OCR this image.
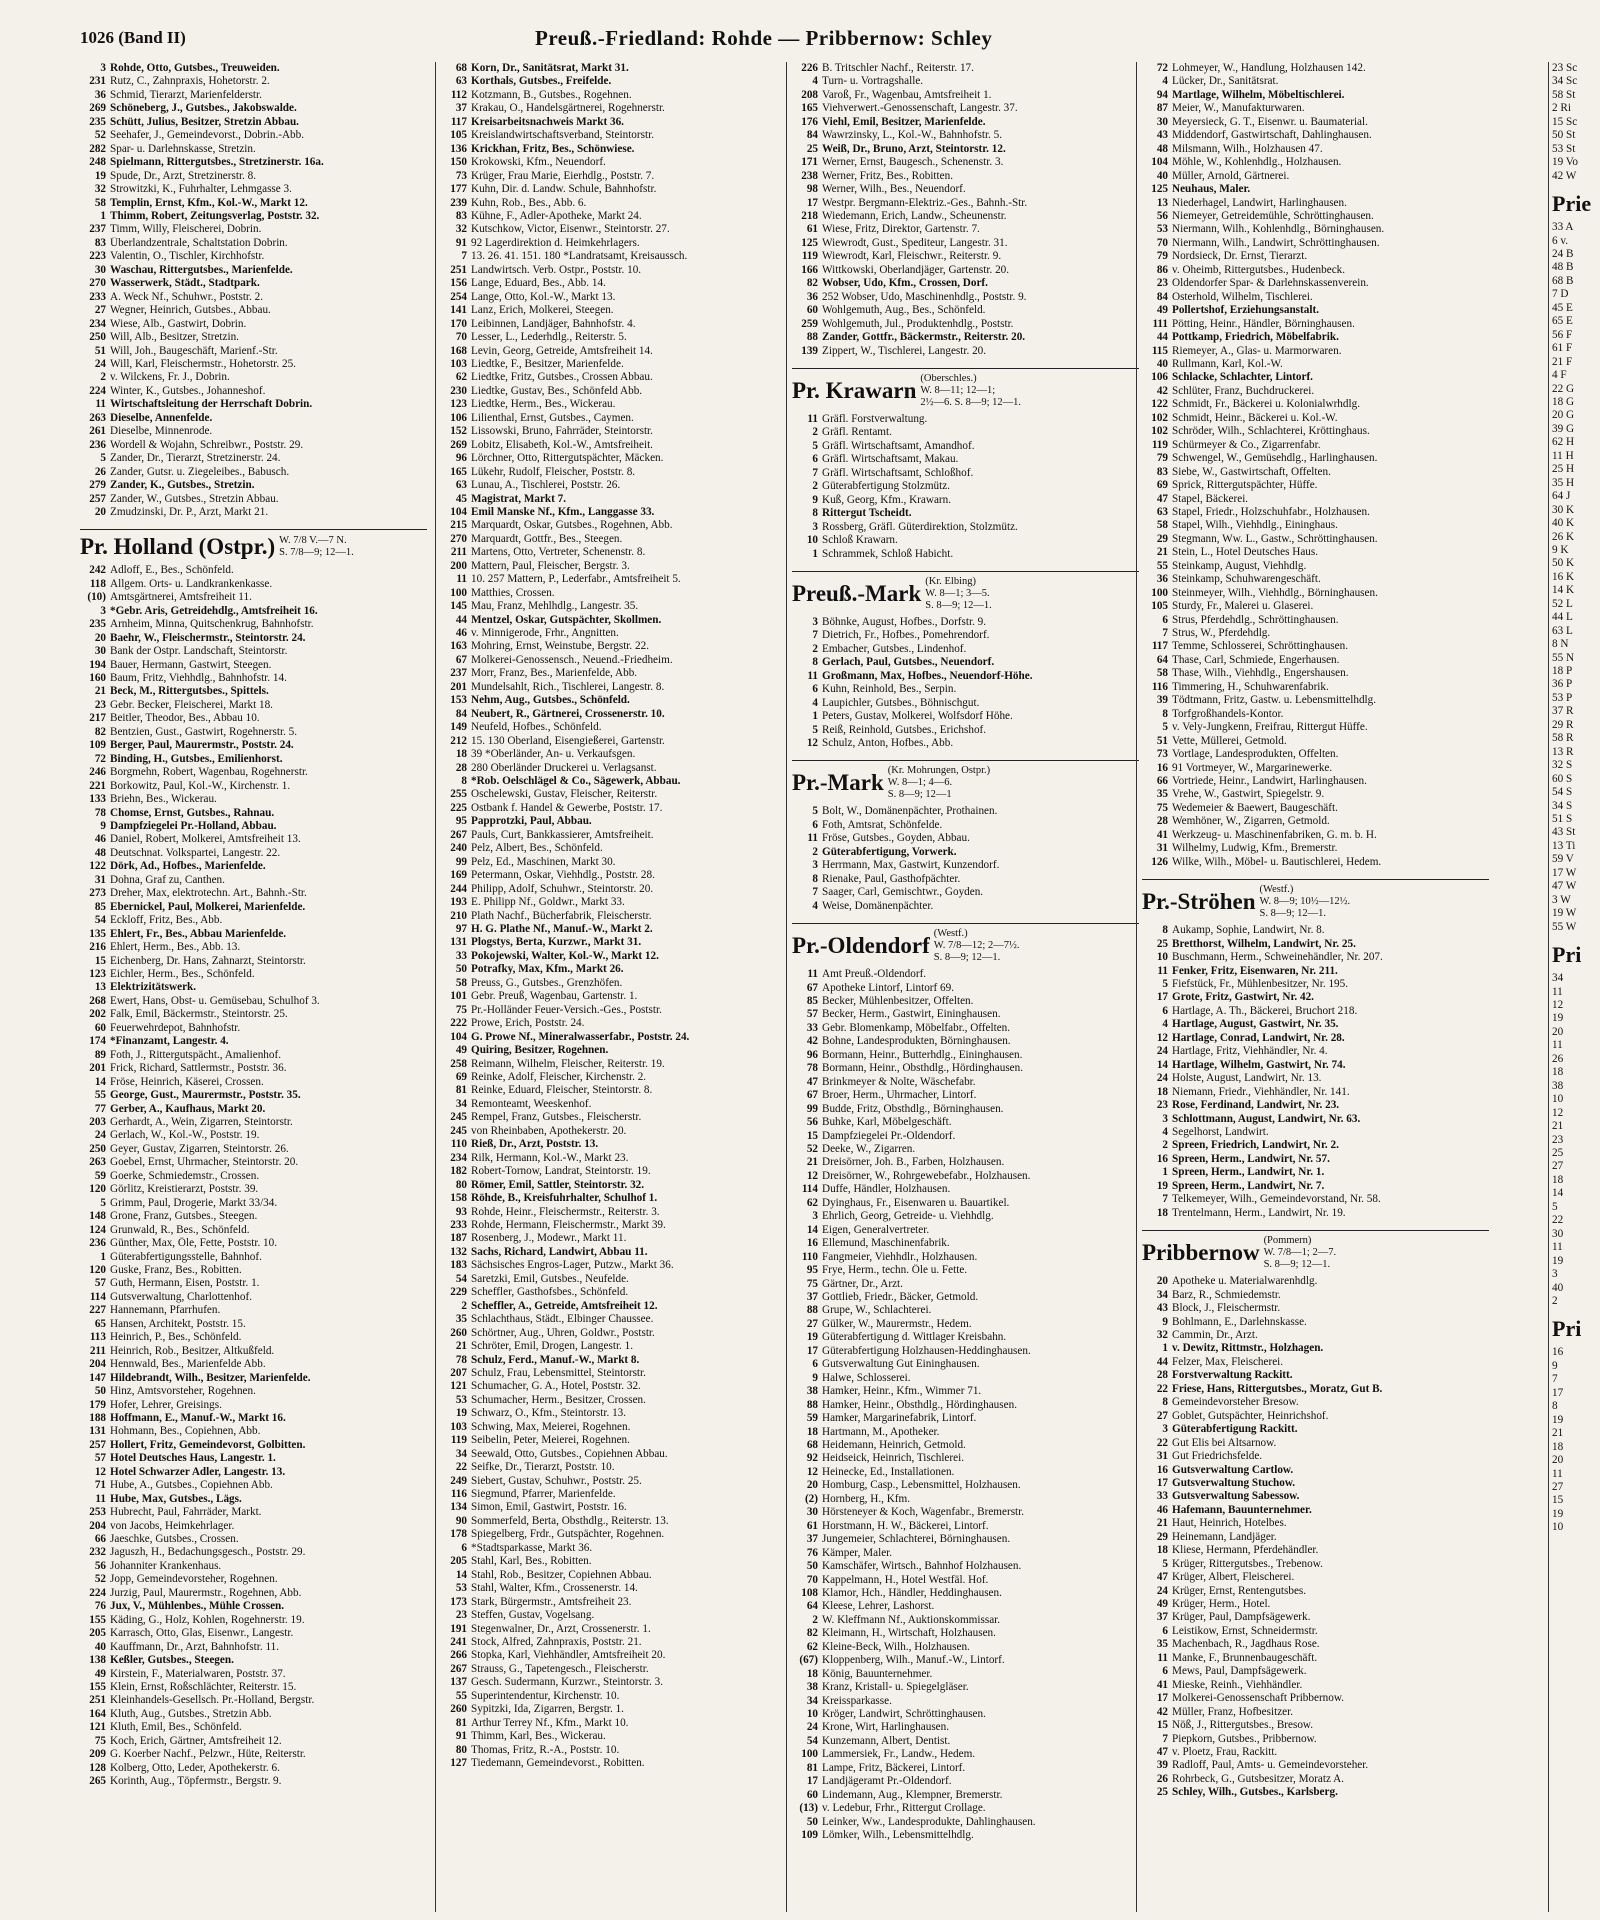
1026 (Band II)	Preuß.-Friedland: Rohde — Pribbernow: Schley
3 Rohde, Otto, Gutsbes., Treuweiden.
231 Rutz, C., Zahnpraxis, Hohetorstr. 2.
36 Schmid, Tierarzt, Marienfelderstr.
269 Schöneberg, J., Gutsbes., Jakobswalde.
235 Schütt, Julius, Besitzer, Stretzin Abbau.
52 Seehafer, J., Gemeindevorst., Dobrin.-Abb.
282 Spar- u. Darlehnskasse, Stretzin.
248 Spielmann, Rittergutsbes., Stretzinerstr. 16a.
19 Spude, Dr., Arzt, Stretzinerstr. 8.
32 Strowitzki, K., Fuhrhalter, Lehmgasse 3.
58 Templin, Ernst, Kfm., Kol.-W., Markt 12.
1 Thimm, Robert, Zeitungsverlag, Poststr. 32.
237 Timm, Willy, Fleischerei, Dobrin.
83 Überlandzentrale, Schaltstation Dobrin.
223 Valentin, O., Tischler, Kirchhofstr.
30 Waschau, Rittergutsbes., Marienfelde.
270 Wasserwerk, Städt., Stadtpark.
233 A. Weck Nf., Schuhwr., Poststr. 2.
27 Wegner, Heinrich, Gutsbes., Abbau.
234 Wiese, Alb., Gastwirt, Dobrin.
250 Will, Alb., Besitzer, Stretzin.
51 Will, Joh., Baugeschäft, Marienf.-Str.
24 Will, Karl, Fleischermstr., Hohetorstr. 25.
2 v. Wilckens, Fr. J., Dobrin.
224 Winter, K., Gutsbes., Johanneshof.
11 Wirtschaftsleitung der Herrschaft Dobrin.
263 Dieselbe, Annenfelde.
261 Dieselbe, Minnenrode.
236 Wordell & Wojahn, Schreibwr., Poststr. 29.
5 Zander, Dr., Tierarzt, Stretzinerstr. 24.
26 Zander, Gutsr. u. Ziegeleibes., Babusch.
279 Zander, K., Gutsbes., Stretzin.
257 Zander, W., Gutsbes., Stretzin Abbau.
20 Zmudzinski, Dr. P., Arzt, Markt 21.
Pr. Holland (Ostpr.) W. 7/8 V.—7 N.
S. 7/8—9; 12—1.
242 Adloff, E., Bes., Schönfeld.
118 Allgem. Orts- u. Landkrankenkasse.
(10) Amtsgärtnerei, Amtsfreiheit 11.
3 *Gebr. Aris, Getreidehdlg., Amtsfreiheit 16.
235 Arnheim, Minna, Quitschenkrug, Bahnhofstr.
20 Baehr, W., Fleischermstr., Steintorstr. 24.
30 Bank der Ostpr. Landschaft, Steintorstr.
194 Bauer, Hermann, Gastwirt, Steegen.
160 Baum, Fritz, Viehhdlg., Bahnhofstr. 14.
21 Beck, M., Rittergutsbes., Spittels.
23 Gebr. Becker, Fleischerei, Markt 18.
217 Beitler, Theodor, Bes., Abbau 10.
82 Bentzien, Gust., Gastwirt, Rogehnerstr. 5.
109 Berger, Paul, Maurermstr., Poststr. 24.
72 Binding, H., Gutsbes., Emilienhorst.
246 Borgmehn, Robert, Wagenbau, Rogehnerstr.
221 Borkowitz, Paul, Kol.-W., Kirchenstr. 1.
133 Briehn, Bes., Wickerau.
78 Chomse, Ernst, Gutsbes., Rahnau.
9 Dampfziegelei Pr.-Holland, Abbau.
46 Daniel, Robert, Molkerei, Amtsfreiheit 13.
48 Deutschnat. Volkspartei, Langestr. 22.
122 Dörk, Ad., Hofbes., Marienfelde.
31 Dohna, Graf zu, Canthen.
273 Dreher, Max, elektrotechn. Art., Bahnh.-Str.
85 Ebernickel, Paul, Molkerei, Marienfelde.
54 Eckloff, Fritz, Bes., Abb.
135 Ehlert, Fr., Bes., Abbau Marienfelde.
216 Ehlert, Herm., Bes., Abb. 13.
15 Eichenberg, Dr. Hans, Zahnarzt, Steintorstr.
123 Eichler, Herm., Bes., Schönfeld.
13 Elektrizitätswerk.
268 Ewert, Hans, Obst- u. Gemüsebau, Schulhof 3.
202 Falk, Emil, Bäckermstr., Steintorstr. 25.
60 Feuerwehrdepot, Bahnhofstr.
174 *Finanzamt, Langestr. 4.
89 Foth, J., Rittergutspächt., Amalienhof.
201 Frick, Richard, Sattlermstr., Poststr. 36.
14 Fröse, Heinrich, Käserei, Crossen.
55 George, Gust., Maurermstr., Poststr. 35.
77 Gerber, A., Kaufhaus, Markt 20.
203 Gerhardt, A., Wein, Zigarren, Steintorstr.
24 Gerlach, W., Kol.-W., Poststr. 19.
250 Geyer, Gustav, Zigarren, Steintorstr. 26.
263 Goebel, Ernst, Uhrmacher, Steintorstr. 20.
59 Goerke, Schmiedemstr., Crossen.
120 Görlitz, Kreistierarzt, Poststr. 39.
5 Grimm, Paul, Drogerie, Markt 33/34.
148 Grone, Franz, Gutsbes., Steegen.
124 Grunwald, R., Bes., Schönfeld.
236 Günther, Max, Öle, Fette, Poststr. 10.
1 Güterabfertigungsstelle, Bahnhof.
120 Guske, Franz, Bes., Robitten.
57 Guth, Hermann, Eisen, Poststr. 1.
114 Gutsverwaltung, Charlottenhof.
227 Hannemann, Pfarrhufen.
65 Hansen, Architekt, Poststr. 15.
113 Heinrich, P., Bes., Schönfeld.
211 Heinrich, Rob., Besitzer, Altkußfeld.
204 Hennwald, Bes., Marienfelde Abb.
147 Hildebrandt, Wilh., Besitzer, Marienfelde.
50 Hinz, Amtsvorsteher, Rogehnen.
179 Hofer, Lehrer, Greisings.
188 Hoffmann, E., Manuf.-W., Markt 16.
131 Hohmann, Bes., Copiehnen, Abb.
257 Hollert, Fritz, Gemeindevorst, Golbitten.
57 Hotel Deutsches Haus, Langestr. 1.
12 Hotel Schwarzer Adler, Langestr. 13.
71 Hube, A., Gutsbes., Copiehnen Abb.
11 Hube, Max, Gutsbes., Lägs.
253 Hubrecht, Paul, Fahrräder, Markt.
204 von Jacobs, Heimkehrlager.
66 Jaeschke, Gutsbes., Crossen.
232 Jaguszh, H., Bedachungsgesch., Poststr. 29.
56 Johanniter Krankenhaus.
52 Jopp, Gemeindevorsteher, Rogehnen.
224 Jurzig, Paul, Maurermstr., Rogehnen, Abb.
76 Jux, V., Mühlenbes., Mühle Crossen.
155 Käding, G., Holz, Kohlen, Rogehnerstr. 19.
205 Karrasch, Otto, Glas, Eisenwr., Langestr.
40 Kauffmann, Dr., Arzt, Bahnhofstr. 11.
138 Keßler, Gutsbes., Steegen.
49 Kirstein, F., Materialwaren, Poststr. 37.
155 Klein, Ernst, Roßschlächter, Reiterstr. 15.
251 Kleinhandels-Gesellsch. Pr.-Holland, Bergstr.
164 Kluth, Aug., Gutsbes., Stretzin Abb.
121 Kluth, Emil, Bes., Schönfeld.
75 Koch, Erich, Gärtner, Amtsfreiheit 12.
209 G. Koerber Nachf., Pelzwr., Hüte, Reiterstr.
128 Kolberg, Otto, Leder, Apothekerstr. 6.
265 Korinth, Aug., Töpfermstr., Bergstr. 9.
68 Korn, Dr., Sanitätsrat, Markt 31.
63 Korthals, Gutsbes., Freifelde.
112 Kotzmann, B., Gutsbes., Rogehnen.
37 Krakau, O., Handelsgärtnerei, Rogehnerstr.
117 Kreisarbeitsnachweis Markt 36.
105 Kreislandwirtschaftsverband, Steintorstr.
136 Krickhan, Fritz, Bes., Schönwiese.
150 Krokowski, Kfm., Neuendorf.
73 Krüger, Frau Marie, Eierhdlg., Poststr. 7.
177 Kuhn, Dir. d. Landw. Schule, Bahnhofstr.
239 Kuhn, Rob., Bes., Abb. 6.
83 Kühne, F., Adler-Apotheke, Markt 24.
32 Kutschkow, Victor, Eisenwr., Steintorstr. 27.
91 92 Lagerdirektion d. Heimkehrlagers.
7 13. 26. 41. 151. 180 *Landratsamt, Kreisaussch.
251 Landwirtsch. Verb. Ostpr., Poststr. 10.
156 Lange, Eduard, Bes., Abb. 14.
254 Lange, Otto, Kol.-W., Markt 13.
141 Lanz, Erich, Molkerei, Steegen.
170 Leibinnen, Landjäger, Bahnhofstr. 4.
70 Lesser, L., Lederhdlg., Reiterstr. 5.
168 Levin, Georg, Getreide, Amtsfreiheit 14.
103 Liedtke, F., Besitzer, Marienfelde.
62 Liedtke, Fritz, Gutsbes., Crossen Abbau.
230 Liedtke, Gustav, Bes., Schönfeld Abb.
123 Liedtke, Herm., Bes., Wickerau.
106 Lilienthal, Ernst, Gutsbes., Caymen.
152 Lissowski, Bruno, Fahrräder, Steintorstr.
269 Lobitz, Elisabeth, Kol.-W., Amtsfreiheit.
96 Lörchner, Otto, Rittergutspächter, Mäcken.
165 Lükehr, Rudolf, Fleischer, Poststr. 8.
63 Lunau, A., Tischlerei, Poststr. 26.
45 Magistrat, Markt 7.
104 Emil Manske Nf., Kfm., Langgasse 33.
215 Marquardt, Oskar, Gutsbes., Rogehnen, Abb.
270 Marquardt, Gottfr., Bes., Steegen.
211 Martens, Otto, Vertreter, Schenenstr. 8.
200 Mattern, Paul, Fleischer, Bergstr. 3.
11 10. 257 Mattern, P., Lederfabr., Amtsfreiheit 5.
100 Matthies, Crossen.
145 Mau, Franz, Mehlhdlg., Langestr. 35.
44 Mentzel, Oskar, Gutspächter, Skollmen.
46 v. Minnigerode, Frhr., Angnitten.
163 Mohring, Ernst, Weinstube, Bergstr. 22.
67 Molkerei-Genossensch., Neuend.-Friedheim.
237 Morr, Franz, Bes., Marienfelde, Abb.
201 Mundelsahlt, Rich., Tischlerei, Langestr. 8.
153 Nehm, Aug., Gutsbes., Schönfeld.
84 Neubert, R., Gärtnerei, Crossenerstr. 10.
149 Neufeld, Hofbes., Schönfeld.
212 15. 130 Oberland, Eisengießerei, Gartenstr.
18 39 *Oberländer, An- u. Verkaufsgen.
28 280 Oberländer Druckerei u. Verlagsanst.
8 *Rob. Oelschlägel & Co., Sägewerk, Abbau.
255 Oschelewski, Gustav, Fleischer, Reiterstr.
225 Ostbank f. Handel & Gewerbe, Poststr. 17.
95 Papprotzki, Paul, Abbau.
267 Pauls, Curt, Bankkassierer, Amtsfreiheit.
240 Pelz, Albert, Bes., Schönfeld.
99 Pelz, Ed., Maschinen, Markt 30.
169 Petermann, Oskar, Viehhdlg., Poststr. 28.
244 Philipp, Adolf, Schuhwr., Steintorstr. 20.
193 E. Philipp Nf., Goldwr., Markt 33.
210 Plath Nachf., Bücherfabrik, Fleischerstr.
97 H. G. Plathe Nf., Manuf.-W., Markt 2.
131 Plogstys, Berta, Kurzwr., Markt 31.
33 Pokojewski, Walter, Kol.-W., Markt 12.
50 Potrafky, Max, Kfm., Markt 26.
58 Preuss, G., Gutsbes., Grenzhöfen.
101 Gebr. Preuß, Wagenbau, Gartenstr. 1.
75 Pr.-Holländer Feuer-Versich.-Ges., Poststr.
222 Prowe, Erich, Poststr. 24.
104 G. Prowe Nf., Mineralwasserfabr., Poststr. 24.
49 Quiring, Besitzer, Rogehnen.
258 Reimann, Wilhelm, Fleischer, Reiterstr. 19.
69 Reinke, Adolf, Fleischer, Kirchenstr. 2.
81 Reinke, Eduard, Fleischer, Steintorstr. 8.
34 Remonteamt, Weeskenhof.
245 Rempel, Franz, Gutsbes., Fleischerstr.
245 von Rheinbaben, Apothekerstr. 20.
110 Rieß, Dr., Arzt, Poststr. 13.
234 Rilk, Hermann, Kol.-W., Markt 23.
182 Robert-Tornow, Landrat, Steintorstr. 19.
80 Römer, Emil, Sattler, Steintorstr. 32.
158 Röhde, B., Kreisfuhrhalter, Schulhof 1.
93 Rohde, Heinr., Fleischermstr., Reiterstr. 3.
233 Rohde, Hermann, Fleischermstr., Markt 39.
187 Rosenberg, J., Modewr., Markt 11.
132 Sachs, Richard, Landwirt, Abbau 11.
183 Sächsisches Engros-Lager, Putzw., Markt 36.
54 Saretzki, Emil, Gutsbes., Neufelde.
229 Scheffler, Gasthofsbes., Schönfeld.
2 Scheffler, A., Getreide, Amtsfreiheit 12.
35 Schlachthaus, Städt., Elbinger Chaussee.
260 Schörtner, Aug., Uhren, Goldwr., Poststr.
21 Schröter, Emil, Drogen, Langestr. 1.
78 Schulz, Ferd., Manuf.-W., Markt 8.
207 Schulz, Frau, Lebensmittel, Steintorstr.
121 Schumacher, G. A., Hotel, Poststr. 32.
53 Schumacher, Herm., Besitzer, Crossen.
19 Schwarz, O., Kfm., Steintorstr. 13.
103 Schwing, Max, Meierei, Rogehnen.
119 Seibelin, Peter, Meierei, Rogehnen.
34 Seewald, Otto, Gutsbes., Copiehnen Abbau.
22 Seifke, Dr., Tierarzt, Poststr. 10.
249 Siebert, Gustav, Schuhwr., Poststr. 25.
116 Siegmund, Pfarrer, Marienfelde.
134 Simon, Emil, Gastwirt, Poststr. 16.
90 Sommerfeld, Berta, Obsthdlg., Reiterstr. 13.
178 Spiegelberg, Frdr., Gutspächter, Rogehnen.
6 *Stadtsparkasse, Markt 36.
205 Stahl, Karl, Bes., Robitten.
14 Stahl, Rob., Besitzer, Copiehnen Abbau.
53 Stahl, Walter, Kfm., Crossenerstr. 14.
173 Stark, Bürgermstr., Amtsfreiheit 23.
23 Steffen, Gustav, Vogelsang.
191 Stegenwalner, Dr., Arzt, Crossenerstr. 1.
241 Stock, Alfred, Zahnpraxis, Poststr. 21.
266 Stopka, Karl, Viehhändler, Amtsfreiheit 20.
267 Strauss, G., Tapetengesch., Fleischerstr.
137 Gesch. Sudermann, Kurzwr., Steintorstr. 3.
55 Superintendentur, Kirchenstr. 10.
260 Sypitzki, Ida, Zigarren, Bergstr. 1.
81 Arthur Terrey Nf., Kfm., Markt 10.
91 Thimm, Karl, Bes., Wickerau.
80 Thomas, Fritz, R.-A., Poststr. 10.
127 Tiedemann, Gemeindevorst., Robitten.
226 B. Tritschler Nachf., Reiterstr. 17.
4 Turn- u. Vortragshalle.
208 Varoß, Fr., Wagenbau, Amtsfreiheit 1.
165 Viehverwert.-Genossenschaft, Langestr. 37.
176 Viehl, Emil, Besitzer, Marienfelde.
84 Wawrzinsky, L., Kol.-W., Bahnhofstr. 5.
25 Weiß, Dr., Bruno, Arzt, Steintorstr. 12.
171 Werner, Ernst, Baugesch., Schenenstr. 3.
238 Werner, Fritz, Bes., Robitten.
98 Werner, Wilh., Bes., Neuendorf.
17 Westpr. Bergmann-Elektriz.-Ges., Bahnh.-Str.
218 Wiedemann, Erich, Landw., Scheunenstr.
61 Wiese, Fritz, Direktor, Gartenstr. 7.
125 Wiewrodt, Gust., Spediteur, Langestr. 31.
119 Wiewrodt, Karl, Fleischwr., Reiterstr. 9.
166 Wittkowski, Oberlandjäger, Gartenstr. 20.
82 Wobser, Udo, Kfm., Crossen, Dorf.
36 252 Wobser, Udo, Maschinenhdlg., Poststr. 9.
60 Wohlgemuth, Aug., Bes., Schönfeld.
259 Wohlgemuth, Jul., Produktenhdlg., Poststr.
88 Zander, Gottfr., Bäckermstr., Reiterstr. 20.
139 Zippert, W., Tischlerei, Langestr. 20.
Pr. Krawarn (Oberschles.)
W. 8—11; 12—1;
2½—6. S. 8—9; 12—1.
11 Gräfl. Forstverwaltung.
2 Gräfl. Rentamt.
5 Gräfl. Wirtschaftsamt, Amandhof.
6 Gräfl. Wirtschaftsamt, Makau.
7 Gräfl. Wirtschaftsamt, Schloßhof.
2 Güterabfertigung Stolzmütz.
9 Kuß, Georg, Kfm., Krawarn.
8 Rittergut Tscheidt.
3 Rossberg, Gräfl. Güterdirektion, Stolzmütz.
10 Schloß Krawarn.
1 Schrammek, Schloß Habicht.
Preuß.-Mark (Kr. Elbing)
W. 8—1; 3—5.
S. 8—9; 12—1.
3 Böhnke, August, Hofbes., Dorfstr. 9.
7 Dietrich, Fr., Hofbes., Pomehrendorf.
2 Embacher, Gutsbes., Lindenhof.
8 Gerlach, Paul, Gutsbes., Neuendorf.
11 Großmann, Max, Hofbes., Neuendorf-Höhe.
6 Kuhn, Reinhold, Bes., Serpin.
4 Laupichler, Gutsbes., Böhnischgut.
1 Peters, Gustav, Molkerei, Wolfsdorf Höhe.
5 Reiß, Reinhold, Gutsbes., Erichshof.
12 Schulz, Anton, Hofbes., Abb.
Pr.-Mark (Kr. Mohrungen, Ostpr.)
W. 8—1; 4—6.
S. 8—9; 12—1
5 Bolt, W., Domänenpächter, Prothainen.
6 Foth, Amtsrat, Schönfelde.
11 Fröse, Gutsbes., Goyden, Abbau.
2 Güterabfertigung, Vorwerk.
3 Herrmann, Max, Gastwirt, Kunzendorf.
8 Rienake, Paul, Gasthofpächter.
7 Saager, Carl, Gemischtwr., Goyden.
4 Weise, Domänenpächter.
Pr.-Oldendorf (Westf.)
W. 7/8—12; 2—7½.
S. 8—9; 12—1.
11 Amt Preuß.-Oldendorf.
67 Apotheke Lintorf, Lintorf 69.
85 Becker, Mühlenbesitzer, Offelten.
57 Becker, Herm., Gastwirt, Eininghausen.
33 Gebr. Blomenkamp, Möbelfabr., Offelten.
42 Bohne, Landesprodukten, Börninghausen.
96 Bormann, Heinr., Butterhdlg., Eininghausen.
78 Bormann, Heinr., Obsthdlg., Hördinghausen.
47 Brinkmeyer & Nolte, Wäschefabr.
67 Broer, Herm., Uhrmacher, Lintorf.
99 Budde, Fritz, Obsthdlg., Börninghausen.
56 Buhke, Karl, Möbelgeschäft.
15 Dampfziegelei Pr.-Oldendorf.
52 Deeke, W., Zigarren.
21 Dreisörner, Joh. B., Farben, Holzhausen.
12 Dreisörner, W., Rohrgewebefabr., Holzhausen.
114 Duffe, Händler, Holzhausen.
62 Dyinghaus, Fr., Eisenwaren u. Bauartikel.
3 Ehrlich, Georg, Getreide- u. Viehhdlg.
14 Eigen, Generalvertreter.
16 Ellemund, Maschinenfabrik.
110 Fangmeier, Viehhdlr., Holzhausen.
95 Frye, Herm., techn. Öle u. Fette.
75 Gärtner, Dr., Arzt.
37 Gottlieb, Friedr., Bäcker, Getmold.
88 Grupe, W., Schlachterei.
27 Gülker, W., Maurermstr., Hedem.
19 Güterabfertigung d. Wittlager Kreisbahn.
17 Güterabfertigung Holzhausen-Heddinghausen.
6 Gutsverwaltung Gut Eininghausen.
9 Halwe, Schlosserei.
38 Hamker, Heinr., Kfm., Wimmer 71.
88 Hamker, Heinr., Obsthdlg., Hördinghausen.
59 Hamker, Margarinefabrik, Lintorf.
18 Hartmann, M., Apotheker.
68 Heidemann, Heinrich, Getmold.
92 Heidseick, Heinrich, Tischlerei.
12 Heinecke, Ed., Installationen.
20 Homburg, Casp., Lebensmittel, Holzhausen.
(2) Hornberg, H., Kfm.
30 Hörsteneyer & Koch, Wagenfabr., Bremerstr.
61 Horstmann, H. W., Bäckerei, Lintorf.
37 Jungemeier, Schlachterei, Börninghausen.
76 Kämper, Maler.
50 Kamschäfer, Wirtsch., Bahnhof Holzhausen.
70 Kappelmann, H., Hotel Westfäl. Hof.
108 Klamor, Hch., Händler, Heddinghausen.
64 Kleese, Lehrer, Lashorst.
2 W. Kleffmann Nf., Auktionskommissar.
82 Kleimann, H., Wirtschaft, Holzhausen.
62 Kleine-Beck, Wilh., Holzhausen.
(67) Kloppenberg, Wilh., Manuf.-W., Lintorf.
18 König, Bauunternehmer.
38 Kranz, Kristall- u. Spiegelgläser.
34 Kreissparkasse.
10 Kröger, Landwirt, Schröttinghausen.
24 Krone, Wirt, Harlinghausen.
54 Kunzemann, Albert, Dentist.
100 Lammersiek, Fr., Landw., Hedem.
81 Lampe, Fritz, Bäckerei, Lintorf.
17 Landjägeramt Pr.-Oldendorf.
60 Lindemann, Aug., Klempner, Bremerstr.
(13) v. Ledebur, Frhr., Rittergut Crollage.
50 Leinker, Ww., Landesprodukte, Dahlinghausen.
109 Lömker, Wilh., Lebensmittelhdlg.
72 Lohmeyer, W., Handlung, Holzhausen 142.
4 Lücker, Dr., Sanitätsrat.
94 Martlage, Wilhelm, Möbeltischlerei.
87 Meier, W., Manufakturwaren.
30 Meyersieck, G. T., Eisenwr. u. Baumaterial.
43 Middendorf, Gastwirtschaft, Dahlinghausen.
48 Milsmann, Wilh., Holzhausen 47.
104 Möhle, W., Kohlenhdlg., Holzhausen.
40 Müller, Arnold, Gärtnerei.
125 Neuhaus, Maler.
13 Niederhagel, Landwirt, Harlinghausen.
56 Niemeyer, Getreidemühle, Schröttinghausen.
53 Niermann, Wilh., Kohlenhdlg., Börninghausen.
70 Niermann, Wilh., Landwirt, Schröttinghausen.
79 Nordsieck, Dr. Ernst, Tierarzt.
86 v. Oheimb, Rittergutsbes., Hudenbeck.
23 Oldendorfer Spar- & Darlehnskassenverein.
84 Osterhold, Wilhelm, Tischlerei.
49 Pollertshof, Erziehungsanstalt.
111 Pötting, Heinr., Händler, Börninghausen.
44 Pottkamp, Friedrich, Möbelfabrik.
115 Riemeyer, A., Glas- u. Marmorwaren.
40 Rullmann, Karl, Kol.-W.
106 Schlacke, Schlachter, Lintorf.
42 Schlüter, Franz, Buchdruckerei.
122 Schmidt, Fr., Bäckerei u. Kolonialwrhdlg.
102 Schmidt, Heinr., Bäckerei u. Kol.-W.
102 Schröder, Wilh., Schlachterei, Kröttinghaus.
119 Schürmeyer & Co., Zigarrenfabr.
79 Schwengel, W., Gemüsehdlg., Harlinghausen.
83 Siebe, W., Gastwirtschaft, Offelten.
69 Sprick, Rittergutspächter, Hüffe.
47 Stapel, Bäckerei.
63 Stapel, Friedr., Holzschuhfabr., Holzhausen.
58 Stapel, Wilh., Viehhdlg., Eininghaus.
29 Stegmann, Ww. L., Gastw., Schröttinghausen.
21 Stein, L., Hotel Deutsches Haus.
55 Steinkamp, August, Viehhdlg.
36 Steinkamp, Schuhwarengeschäft.
100 Steinmeyer, Wilh., Viehhdlg., Börninghausen.
105 Sturdy, Fr., Malerei u. Glaserei.
6 Strus, Pferdehdlg., Schröttinghausen.
7 Strus, W., Pferdehdlg.
117 Temme, Schlosserei, Schröttinghausen.
64 Thase, Carl, Schmiede, Engerhausen.
58 Thase, Wilh., Viehhdlg., Engershausen.
116 Timmering, H., Schuhwarenfabrik.
39 Tödtmann, Fritz, Gastw. u. Lebensmittelhdlg.
8 Torfgroßhandels-Kontor.
5 v. Vely-Jungkenn, Freifrau, Rittergut Hüffe.
51 Vette, Müllerei, Getmold.
73 Vortlage, Landesprodukten, Offelten.
16 91 Vortmeyer, W., Margarinewerke.
66 Vortriede, Heinr., Landwirt, Harlinghausen.
35 Vrehe, W., Gastwirt, Spiegelstr. 9.
75 Wedemeier & Baewert, Baugeschäft.
28 Wemhöner, W., Zigarren, Getmold.
41 Werkzeug- u. Maschinenfabriken, G. m. b. H.
31 Wilhelmy, Ludwig, Kfm., Bremerstr.
126 Wilke, Wilh., Möbel- u. Bautischlerei, Hedem.
Pr.-Ströhen (Westf.)
W. 8—9; 10½—12½.
S. 8—9; 12—1.
8 Aukamp, Sophie, Landwirt, Nr. 8.
25 Bretthorst, Wilhelm, Landwirt, Nr. 25.
10 Buschmann, Herm., Schweinehändler, Nr. 207.
11 Fenker, Fritz, Eisenwaren, Nr. 211.
5 Fiefstück, Fr., Mühlenbesitzer, Nr. 195.
17 Grote, Fritz, Gastwirt, Nr. 42.
6 Hartlage, A. Th., Bäckerei, Bruchort 218.
4 Hartlage, August, Gastwirt, Nr. 35.
12 Hartlage, Conrad, Landwirt, Nr. 28.
24 Hartlage, Fritz, Viehhändler, Nr. 4.
14 Hartlage, Wilhelm, Gastwirt, Nr. 74.
24 Holste, August, Landwirt, Nr. 13.
18 Niemann, Friedr., Viehhändler, Nr. 141.
23 Rose, Ferdinand, Landwirt, Nr. 23.
3 Schlottmann, August, Landwirt, Nr. 63.
4 Segelhorst, Landwirt.
2 Spreen, Friedrich, Landwirt, Nr. 2.
16 Spreen, Herm., Landwirt, Nr. 57.
1 Spreen, Herm., Landwirt, Nr. 1.
19 Spreen, Herm., Landwirt, Nr. 7.
7 Telkemeyer, Wilh., Gemeindevorstand, Nr. 58.
18 Trentelmann, Herm., Landwirt, Nr. 19.
Pribbernow (Pommern)
W. 7/8—1; 2—7.
S. 8—9; 12—1.
20 Apotheke u. Materialwarenhdlg.
34 Barz, R., Schmiedemstr.
43 Block, J., Fleischermstr.
9 Bohlmann, E., Darlehnskasse.
32 Cammin, Dr., Arzt.
1 v. Dewitz, Rittmstr., Holzhagen.
44 Felzer, Max, Fleischerei.
28 Forstverwaltung Rackitt.
22 Friese, Hans, Rittergutsbes., Moratz, Gut B.
8 Gemeindevorsteher Bresow.
27 Goblet, Gutspächter, Heinrichshof.
3 Güterabfertigung Rackitt.
22 Gut Elis bei Altsarnow.
31 Gut Friedrichsfelde.
16 Gutsverwaltung Cartlow.
17 Gutsverwaltung Stuchow.
33 Gutsverwaltung Sabessow.
46 Hafemann, Bauunternehmer.
21 Haut, Heinrich, Hotelbes.
29 Heinemann, Landjäger.
18 Kliese, Hermann, Pferdehändler.
5 Krüger, Rittergutsbes., Trebenow.
47 Krüger, Albert, Fleischerei.
24 Krüger, Ernst, Rentengutsbes.
49 Krüger, Herm., Hotel.
37 Krüger, Paul, Dampfsägewerk.
6 Leistikow, Ernst, Schneidermstr.
35 Machenbach, R., Jagdhaus Rose.
11 Manke, F., Brunnenbaugeschäft.
6 Mews, Paul, Dampfsägewerk.
41 Mieske, Reinh., Viehhändler.
17 Molkerei-Genossenschaft Pribbernow.
42 Müller, Franz, Hofbesitzer.
15 Nöß, J., Rittergutsbes., Bresow.
7 Piepkorn, Gutsbes., Pribbernow.
47 v. Ploetz, Frau, Rackitt.
39 Radloff, Paul, Amts- u. Gemeindevorsteher.
26 Rohrbeck, G., Gutsbesitzer, Moratz A.
25 Schley, Wilh., Gutsbes., Karlsberg.
23 Sc
34 Sc
58 St
2 Ri
15 Sc
50 St
53 St
19 Vo
42 W
Prie
33 A
6 v.
24 B
48 B
68 B
7 D
45 E
65 E
56 F
61 F
21 F
4 F
22 G
18 G
20 G
39 G
62 H
11 H
25 H
35 H
64 J
30 K
40 K
26 K
9 K
50 K
16 K
14 K
52 L
44 L
63 L
8 N
55 N
18 P
36 P
53 P
37 R
29 R
58 R
13 R
32 S
60 S
54 S
34 S
51 S
43 St
13 Ti
59 V
17 W
47 W
3 W
19 W
55 W
Pri
34
11
12
19
20
11
26
18
38
10
12
21
23
25
27
18
14
5
22
30
11
19
3
40
2
Pri
16
9
7
17
8
19
21
18
20
11
27
15
19
10
